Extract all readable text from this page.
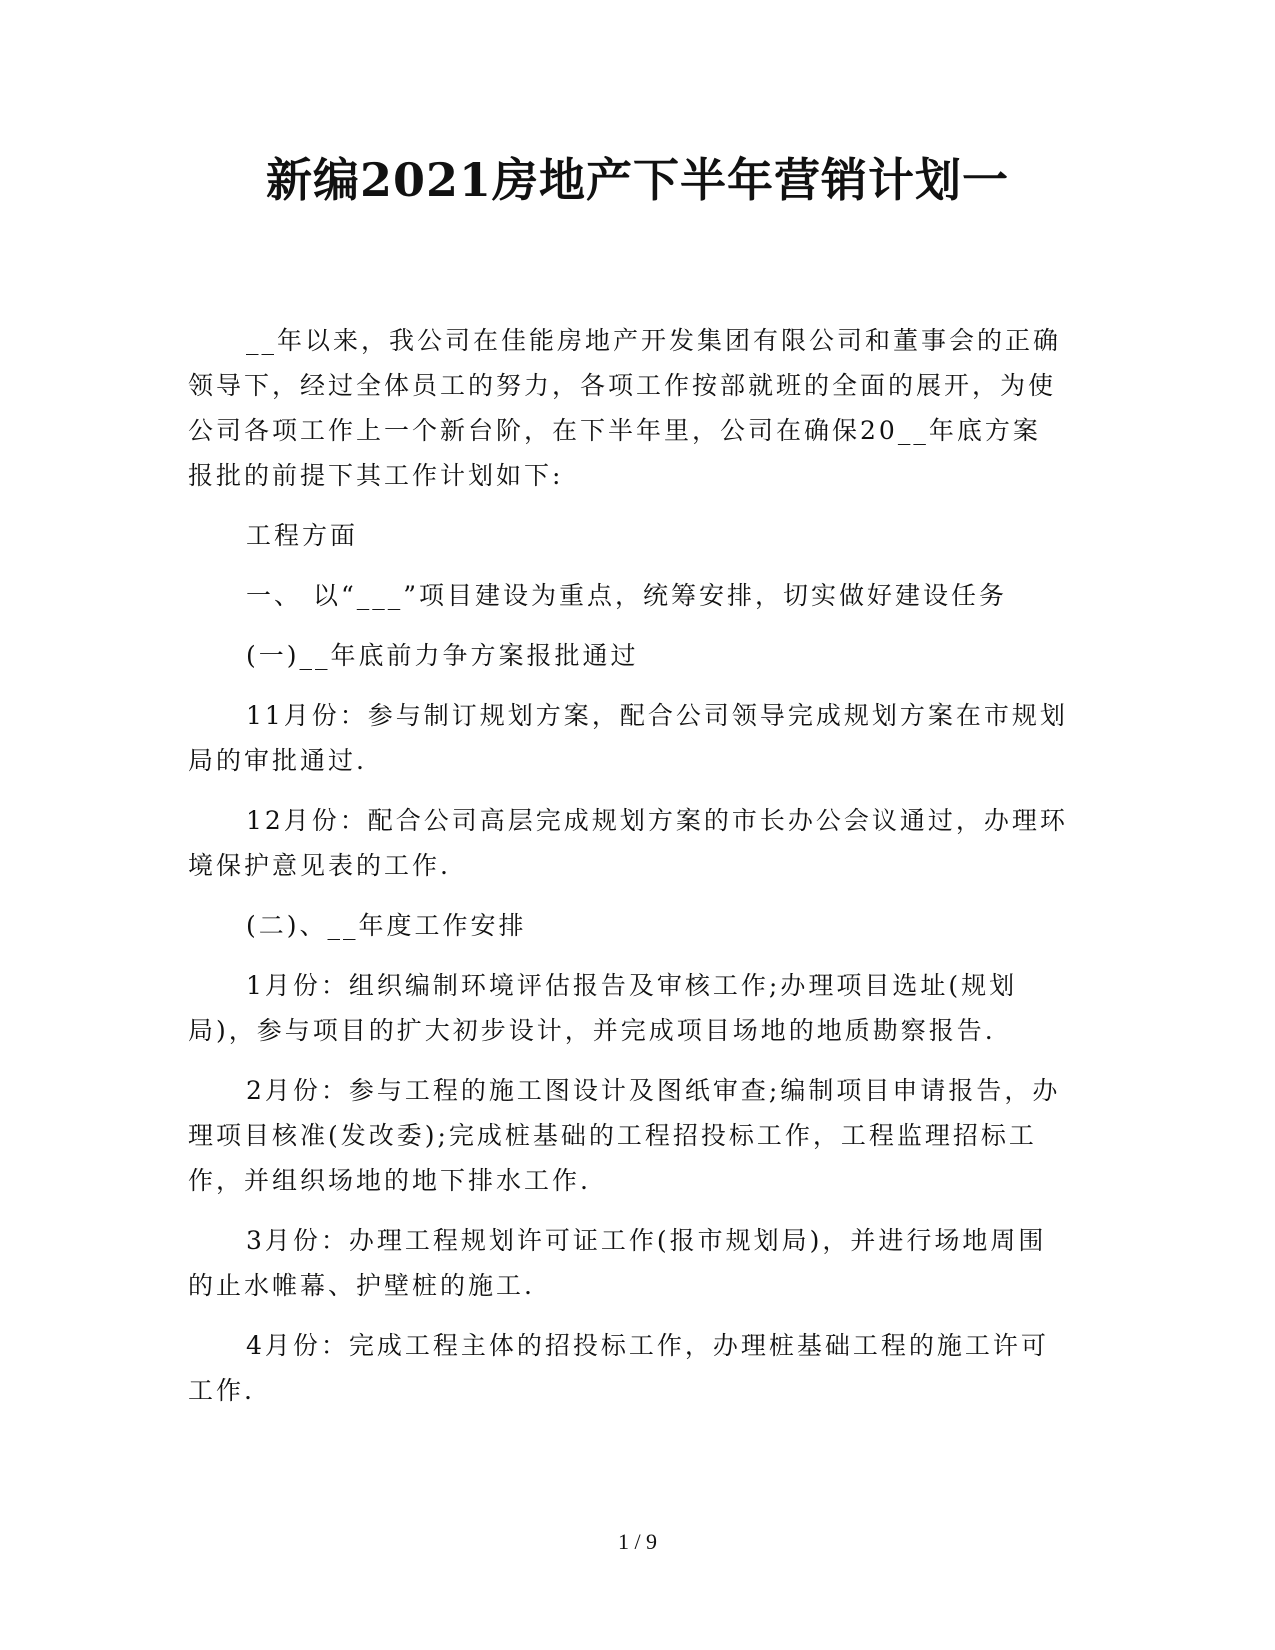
新编2021房地产下半年营销计划一

__年以来，我公司在佳能房地产开发集团有限公司和董事会的正确领导下，经过全体员工的努力，各项工作按部就班的全面的展开，为使公司各项工作上一个新台阶，在下半年里，公司在确保20__年底方案报批的前提下其工作计划如下:

工程方面

一、 以“___”项目建设为重点，统筹安排，切实做好建设任务

(一)__年底前力争方案报批通过

11月份：参与制订规划方案，配合公司领导完成规划方案在市规划局的审批通过.

12月份：配合公司高层完成规划方案的市长办公会议通过，办理环境保护意见表的工作.

(二)、__年度工作安排

1月份：组织编制环境评估报告及审核工作;办理项目选址(规划局)，参与项目的扩大初步设计，并完成项目场地的地质勘察报告.

2月份：参与工程的施工图设计及图纸审查;编制项目申请报告，办理项目核准(发改委);完成桩基础的工程招投标工作，工程监理招标工作，并组织场地的地下排水工作.

3月份：办理工程规划许可证工作(报市规划局)，并进行场地周围的止水帷幕、护壁桩的施工.

4月份：完成工程主体的招投标工作，办理桩基础工程的施工许可工作.

1 / 9
